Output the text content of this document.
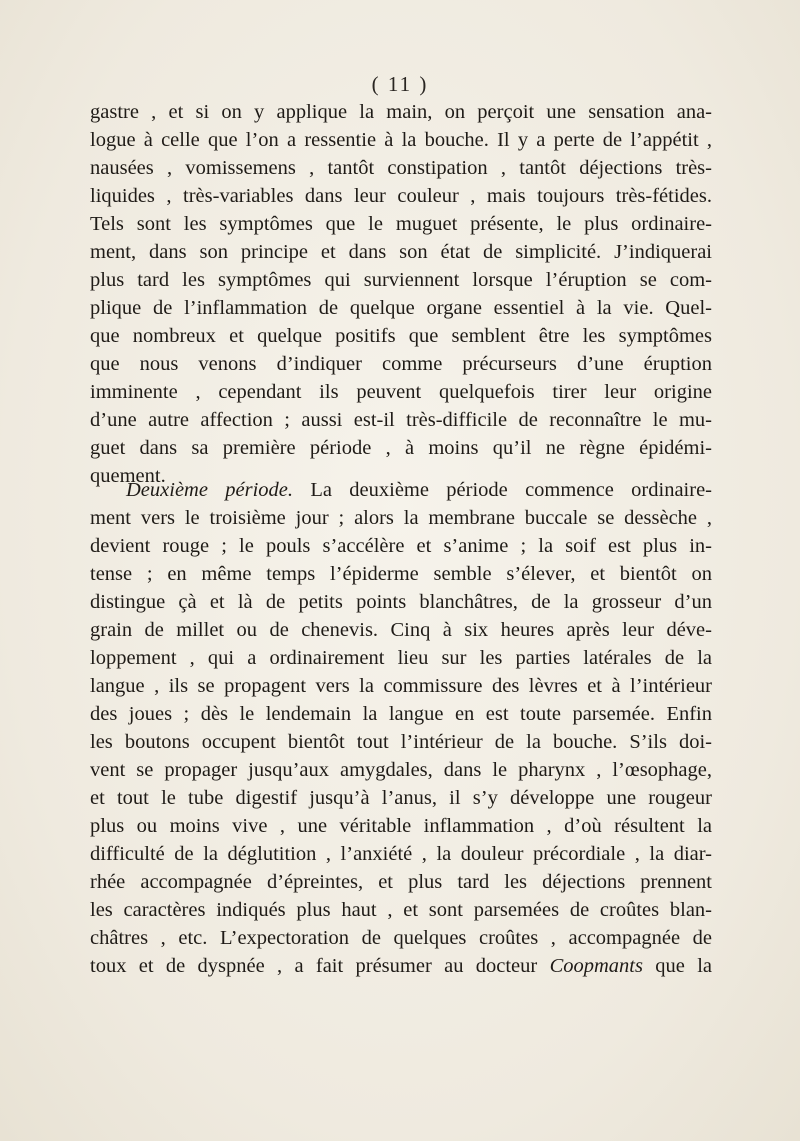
( 11 )
gastre , et si on y applique la main, on perçoit une sensation ana-
logue à celle que l’on a ressentie à la bouche. Il y a perte de l’appétit ,
nausées , vomissemens , tantôt constipation , tantôt déjections très-
liquides , très-variables dans leur couleur , mais toujours très-fétides.
Tels sont les symptômes que le muguet présente, le plus ordinaire-
ment, dans son principe et dans son état de simplicité. J’indiquerai
plus tard les symptômes qui surviennent lorsque l’éruption se com-
plique de l’inflammation de quelque organe essentiel à la vie. Quel-
que nombreux et quelque positifs que semblent être les symptômes
que nous venons d’indiquer comme précurseurs d’une éruption
imminente , cependant ils peuvent quelquefois tirer leur origine
d’une autre affection ; aussi est-il très-difficile de reconnaître le mu-
guet dans sa première période , à moins qu’il ne règne épidémi-
quement.
Deuxième période. La deuxième période commence ordinaire-
ment vers le troisième jour ; alors la membrane buccale se dessèche ,
devient rouge ; le pouls s’accélère et s’anime ; la soif est plus in-
tense ; en même temps l’épiderme semble s’élever, et bientôt on
distingue çà et là de petits points blanchâtres, de la grosseur d’un
grain de millet ou de chenevis. Cinq à six heures après leur déve-
loppement , qui a ordinairement lieu sur les parties latérales de la
langue , ils se propagent vers la commissure des lèvres et à l’intérieur
des joues ; dès le lendemain la langue en est toute parsemée. Enfin
les boutons occupent bientôt tout l’intérieur de la bouche. S’ils doi-
vent se propager jusqu’aux amygdales, dans le pharynx , l’œsophage,
et tout le tube digestif jusqu’à l’anus, il s’y développe une rougeur
plus ou moins vive , une véritable inflammation , d’où résultent la
difficulté de la déglutition , l’anxiété , la douleur précordiale , la diar-
rhée accompagnée d’épreintes, et plus tard les déjections prennent
les caractères indiqués plus haut , et sont parsemées de croûtes blan-
châtres , etc. L’expectoration de quelques croûtes , accompagnée de
toux et de dyspnée , a fait présumer au docteur Coopmants que la
